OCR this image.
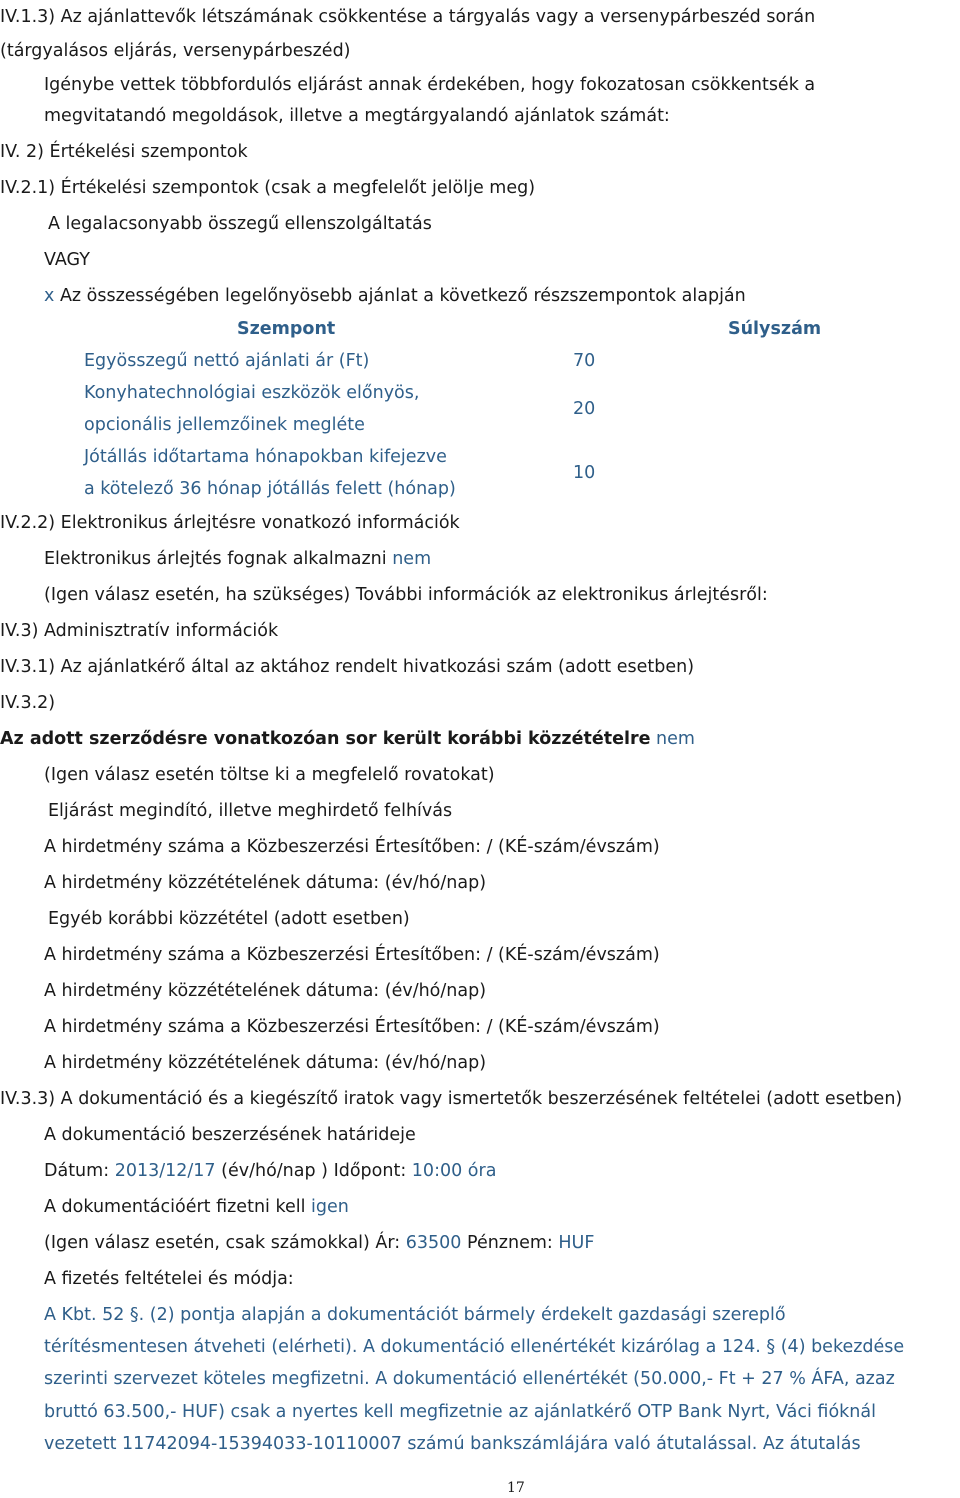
IV.1.3) Az ajánlattevők létszámának csökkentése a tárgyalás vagy a versenypárbeszéd során
(tárgyalásos eljárás, versenypárbeszéd)
Igénybe vettek többfordulós eljárást annak érdekében, hogy fokozatosan csökkentsék a
megvitatandó megoldások, illetve a megtárgyalandó ajánlatok számát:
IV. 2) Értékelési szempontok
IV.2.1) Értékelési szempontok (csak a megfelelőt jelölje meg)
A legalacsonyabb összegű ellenszolgáltatás
VAGY
x Az összességében legelőnyösebb ajánlat a következő részszempontok alapján
Szempont	Súlyszám
Egyösszegű nettó ajánlati ár (Ft)	70
Konyhatechnológiai eszközök előnyös,
opcionális jellemzőinek megléte
20
Jótállás időtartama hónapokban kifejezve
a kötelező 36 hónap jótállás felett (hónap)
10
IV.2.2) Elektronikus árlejtésre vonatkozó információk
Elektronikus árlejtés fognak alkalmazni nem
(Igen válasz esetén, ha szükséges) További információk az elektronikus árlejtésről:
IV.3) Adminisztratív információk
IV.3.1) Az ajánlatkérő által az aktához rendelt hivatkozási szám (adott esetben)
IV.3.2)
Az adott szerződésre vonatkozóan sor került korábbi közzétételre nem
(Igen válasz esetén töltse ki a megfelelő rovatokat)
Eljárást megindító, illetve meghirdető felhívás
A hirdetmény száma a Közbeszerzési Értesítőben: / (KÉ-szám/évszám)
A hirdetmény közzétételének dátuma: (év/hó/nap)
Egyéb korábbi közzététel (adott esetben)
A hirdetmény száma a Közbeszerzési Értesítőben: / (KÉ-szám/évszám)
A hirdetmény közzétételének dátuma: (év/hó/nap)
A hirdetmény száma a Közbeszerzési Értesítőben: / (KÉ-szám/évszám)
A hirdetmény közzétételének dátuma: (év/hó/nap)
IV.3.3) A dokumentáció és a kiegészítő iratok vagy ismertetők beszerzésének feltételei (adott esetben)
A dokumentáció beszerzésének határideje
Dátum: 2013/12/17 (év/hó/nap ) Időpont: 10:00 óra
A dokumentációért fizetni kell igen
(Igen válasz esetén, csak számokkal) Ár: 63500 Pénznem: HUF
A fizetés feltételei és módja:
A Kbt. 52 §. (2) pontja alapján a dokumentációt bármely érdekelt gazdasági szereplő
térítésmentesen átveheti (elérheti). A dokumentáció ellenértékét kizárólag a 124. § (4) bekezdése
szerinti szervezet köteles megfizetni. A dokumentáció ellenértékét (50.000,- Ft + 27 % ÁFA, azaz
bruttó 63.500,- HUF) csak a nyertes kell megfizetnie az ajánlatkérő OTP Bank Nyrt, Váci fióknál
vezetett 11742094-15394033-10110007 számú bankszámlájára való átutalással. Az átutalás
17
